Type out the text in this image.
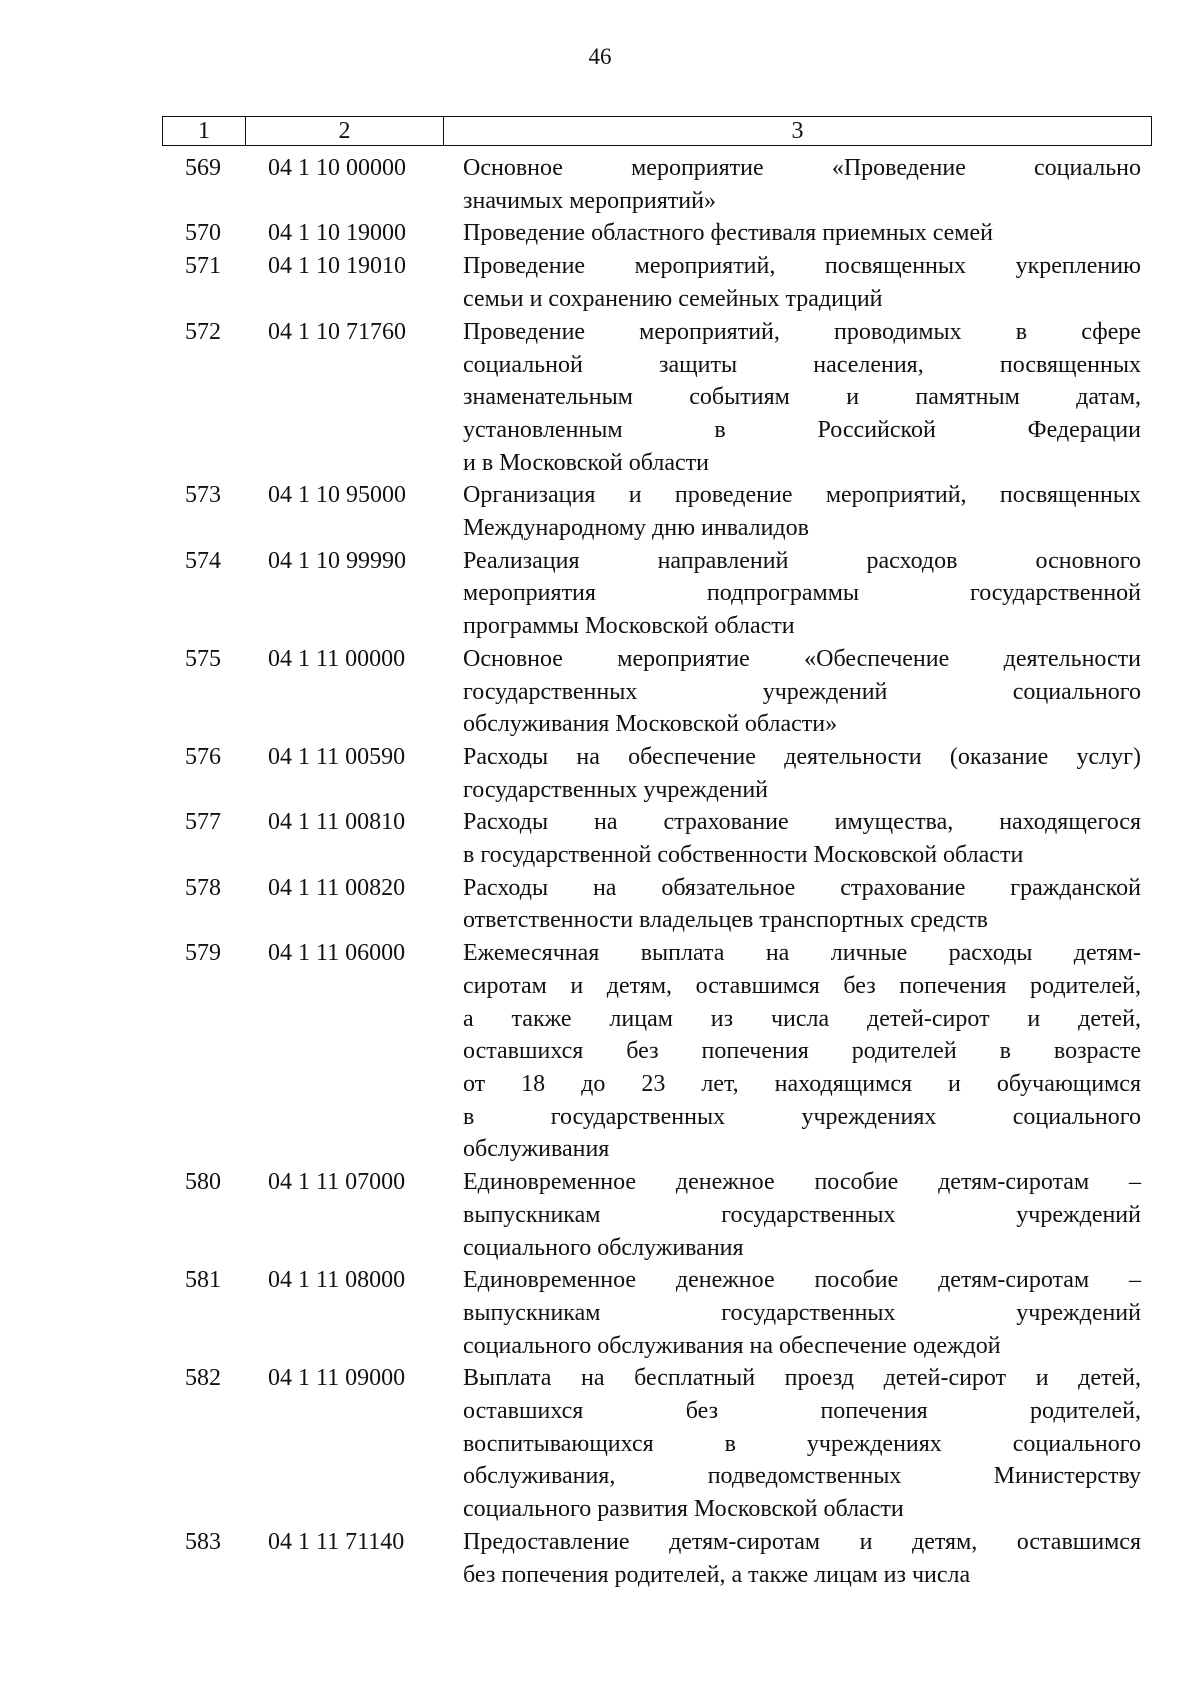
46
1	2	3
569	04 1 10 00000	Основное мероприятие «Проведение социально
значимых мероприятий»
570	04 1 10 19000	Проведение областного фестиваля приемных семей
571	04 1 10 19010	Проведение мероприятий, посвященных укреплению
семьи и сохранению семейных традиций
572	04 1 10 71760	Проведение мероприятий, проводимых в сфере
социальной защиты населения, посвященных
знаменательным событиям и памятным датам,
установленным в Российской Федерации
и в Московской области
573	04 1 10 95000	Организация и проведение мероприятий, посвященных
Международному дню инвалидов
574	04 1 10 99990	Реализация направлений расходов основного
мероприятия подпрограммы государственной
программы Московской области
575	04 1 11 00000	Основное мероприятие «Обеспечение деятельности
государственных учреждений социального
обслуживания Московской области»
576	04 1 11 00590	Расходы на обеспечение деятельности (оказание услуг)
государственных учреждений
577	04 1 11 00810	Расходы на страхование имущества, находящегося
в государственной собственности Московской области
578	04 1 11 00820	Расходы на обязательное страхование гражданской
ответственности владельцев транспортных средств
579	04 1 11 06000	Ежемесячная выплата на личные расходы детям-
сиротам и детям, оставшимся без попечения родителей,
а также лицам из числа детей-сирот и детей,
оставшихся без попечения родителей в возрасте
от 18 до 23 лет, находящимся и обучающимся
в государственных учреждениях социального
обслуживания
580	04 1 11 07000	Единовременное денежное пособие детям-сиротам –
выпускникам государственных учреждений
социального обслуживания
581	04 1 11 08000	Единовременное денежное пособие детям-сиротам –
выпускникам государственных учреждений
социального обслуживания на обеспечение одеждой
582	04 1 11 09000	Выплата на бесплатный проезд детей-сирот и детей,
оставшихся без попечения родителей,
воспитывающихся в учреждениях социального
обслуживания, подведомственных Министерству
социального развития Московской области
583	04 1 11 71140	Предоставление детям-сиротам и детям, оставшимся
без попечения родителей, а также лицам из числа
